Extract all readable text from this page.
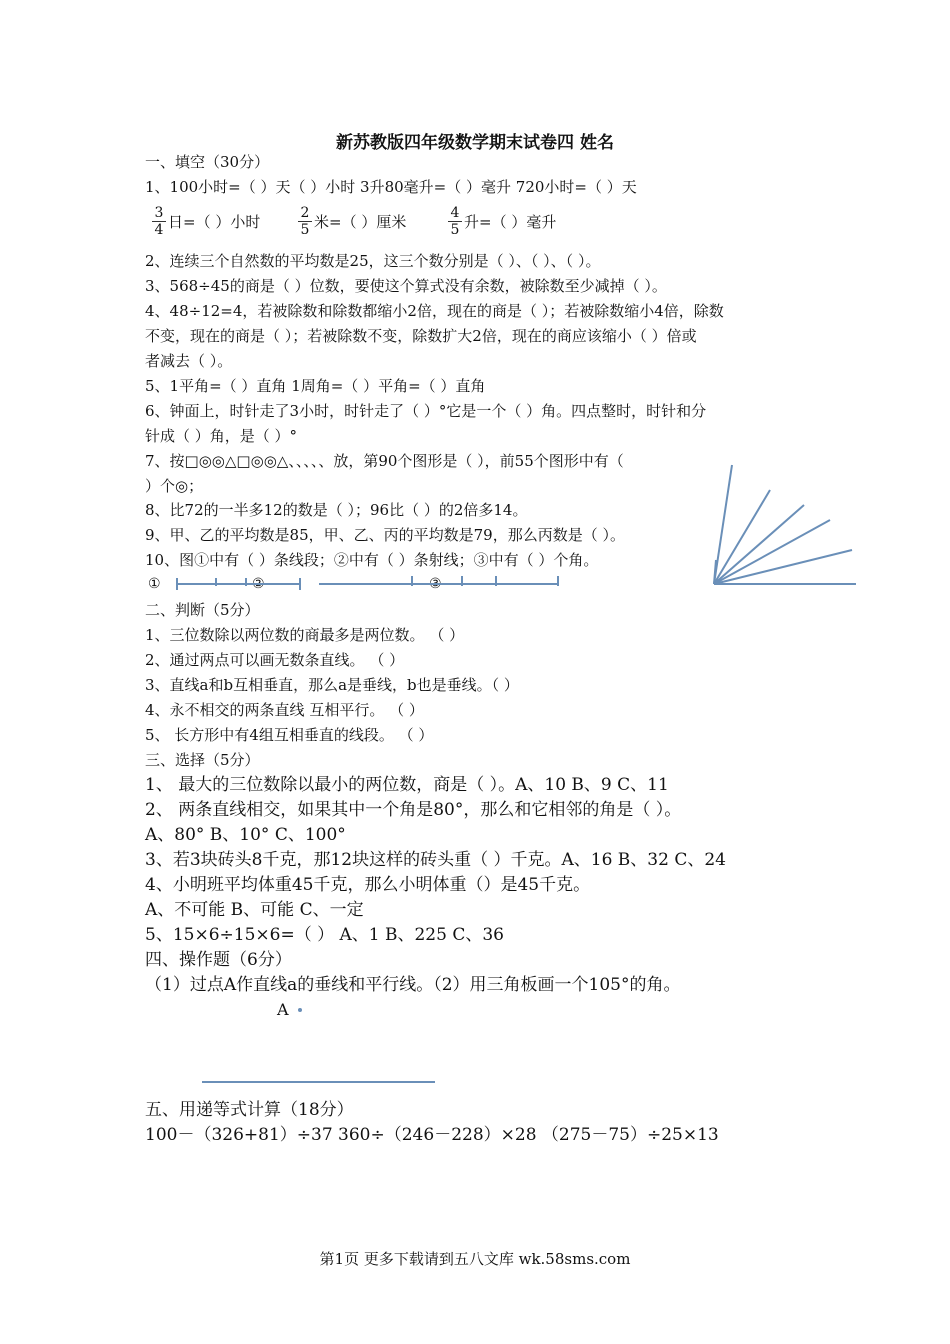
新苏教版四年级数学期末试卷四 姓名
一、填空（30分）
1、100小时=（ ）天（ ）小时 3升80毫升=（ ）毫升 720小时=（ ）天
$\frac{3}{4}$ 日=（ ）小时	$\frac{2}{5}$ 米=（ ）厘米	$\frac{4}{5}$ 升=（ ）毫升
2、连续三个自然数的平均数是25，这三个数分别是（ ）、（ ）、（ ）。
3、568÷45的商是（ ）位数，要使这个算式没有余数，被除数至少减掉（ ）。
4、48÷12=4，若被除数和除数都缩小2倍，现在的商是（ ）；若被除数缩小4倍，除数
不变，现在的商是（ ）；若被除数不变，除数扩大2倍，现在的商应该缩小（ ）倍或
者减去（ ）。
5、1平角=（ ）直角 1周角=（ ）平角=（ ）直角
6、钟面上，时针走了3小时，时针走了（ ）°它是一个（ ）角。四点整时，时针和分
针成（ ）角，是（ ）°
7、按□◎◎△□◎◎△、、、、、放，第90个图形是（ ），前55个图形中有（
）个◎；
8、比72的一半多12的数是（ ）；96比（ ）的2倍多14。
9、甲、乙的平均数是85，甲、乙、丙的平均数是79，那么丙数是（ ）。
10、图①中有（ ）条线段；②中有（ ）条射线；③中有（ ）个角。
①	②	③
二、判断（5分）
1、三位数除以两位数的商最多是两位数。 （ ）
2、通过两点可以画无数条直线。 （ ）
3、直线a和b互相垂直，那么a是垂线，b也是垂线。（ ）
4、永不相交的两条直线 互相平行。 （ ）
5、 长方形中有4组互相垂直的线段。 （ ）
三、选择（5分）
1、 最大的三位数除以最小的两位数，商是（ ）。A、10 B、9 C、11
2、 两条直线相交，如果其中一个角是80°，那么和它相邻的角是（ ）。
A、80° B、10° C、100°
3、若3块砖头8千克，那12块这样的砖头重（ ）千克。A、16 B、32 C、24
4、小明班平均体重45千克，那么小明体重（）是45千克。
A、不可能 B、可能 C、一定
5、15×6÷15×6=（ ） A、1 B、225 C、36
四、操作题（6分）
（1）过点A作直线a的垂线和平行线。（2）用三角板画一个105°的角。
A
五、用递等式计算（18分）
100－（326+81）÷37 360÷（246－228）×28 （275－75）÷25×13
第1页 更多下载请到五八文库 wk.58sms.com
